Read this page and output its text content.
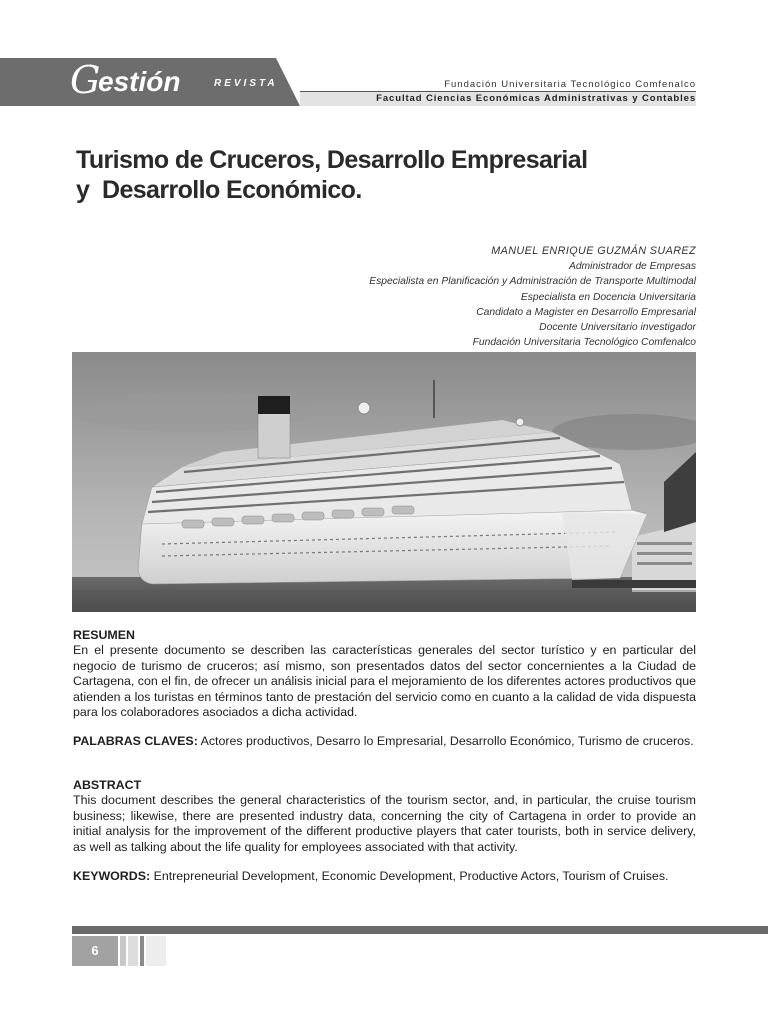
G
estión	REVISTA	Fundación Universitaria Tecnológico Comfenalco
Facultad Ciencias Económicas Administrativas y Contables
Turismo de Cruceros, Desarrollo Empresarial
y  Desarrollo Económico.
MANUEL ENRIQUE GUZMÁN SUAREZ
Administrador de Empresas
Especialista en Planificación y Administración de Transporte Multimodal
Especialista en Docencia Universitaria
Candidato a Magister en Desarrollo Empresarial
Docente Universitario investigador
Fundación Universitaria Tecnológico Comfenalco

RESUMEN

En el presente documento se describen las características generales del sector turístico y en particular del negocio de turismo de cruceros; así mismo, son presentados datos del sector concernientes a la Ciudad de Cartagena, con el fin, de ofrecer un análisis inicial para el mejoramiento de los diferentes actores productivos que atienden a los turistas en términos tanto de prestación del servicio como en cuanto a la calidad de vida dispuesta para los colaboradores asociados a dicha actividad.

PALABRAS CLAVES: Actores productivos, Desarro lo Empresarial, Desarrollo Económico, Turismo de cruceros.

ABSTRACT

This document describes the general characteristics of the tourism sector, and, in particular, the cruise tourism business; likewise, there are presented industry data, concerning the city of Cartagena in order to provide an initial analysis for the improvement of the different productive players that cater tourists, both in service delivery, as well as talking about the life quality for employees associated with that activity.

KEYWORDS: Entrepreneurial Development, Economic Development, Productive Actors, Tourism of Cruises.

6
